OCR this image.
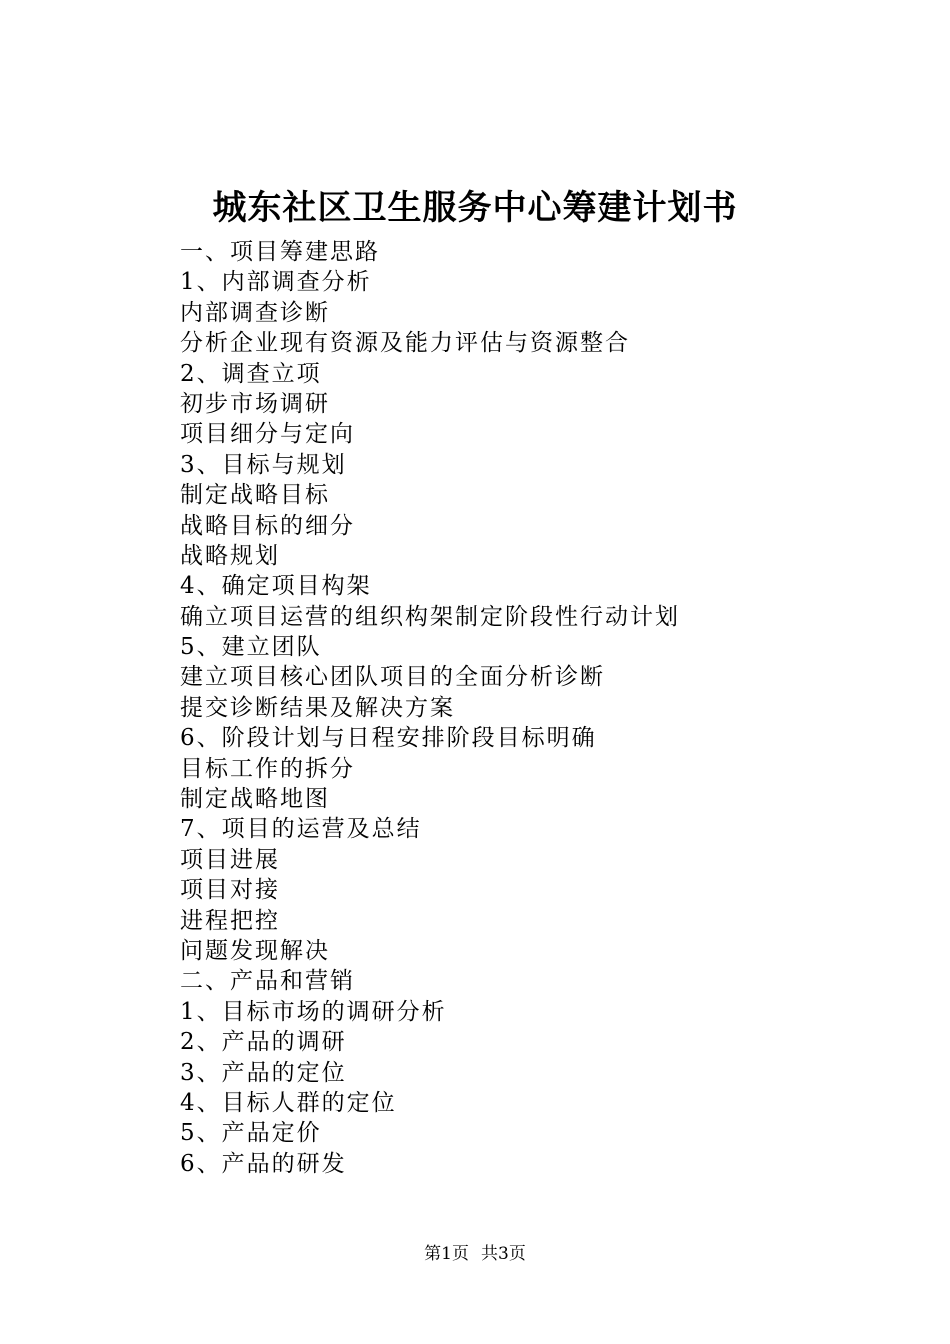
城东社区卫生服务中心筹建计划书
一、项目筹建思路
1、内部调查分析
内部调查诊断
分析企业现有资源及能力评估与资源整合
2、调查立项
初步市场调研
项目细分与定向
3、目标与规划
制定战略目标
战略目标的细分
战略规划
4、确定项目构架
确立项目运营的组织构架制定阶段性行动计划
5、建立团队
建立项目核心团队项目的全面分析诊断
提交诊断结果及解决方案
6、阶段计划与日程安排阶段目标明确
目标工作的拆分
制定战略地图
7、项目的运营及总结
项目进展
项目对接
进程把控
问题发现解决
二、产品和营销
1、目标市场的调研分析
2、产品的调研
3、产品的定位
4、目标人群的定位
5、产品定价
6、产品的研发
第1页 共3页
